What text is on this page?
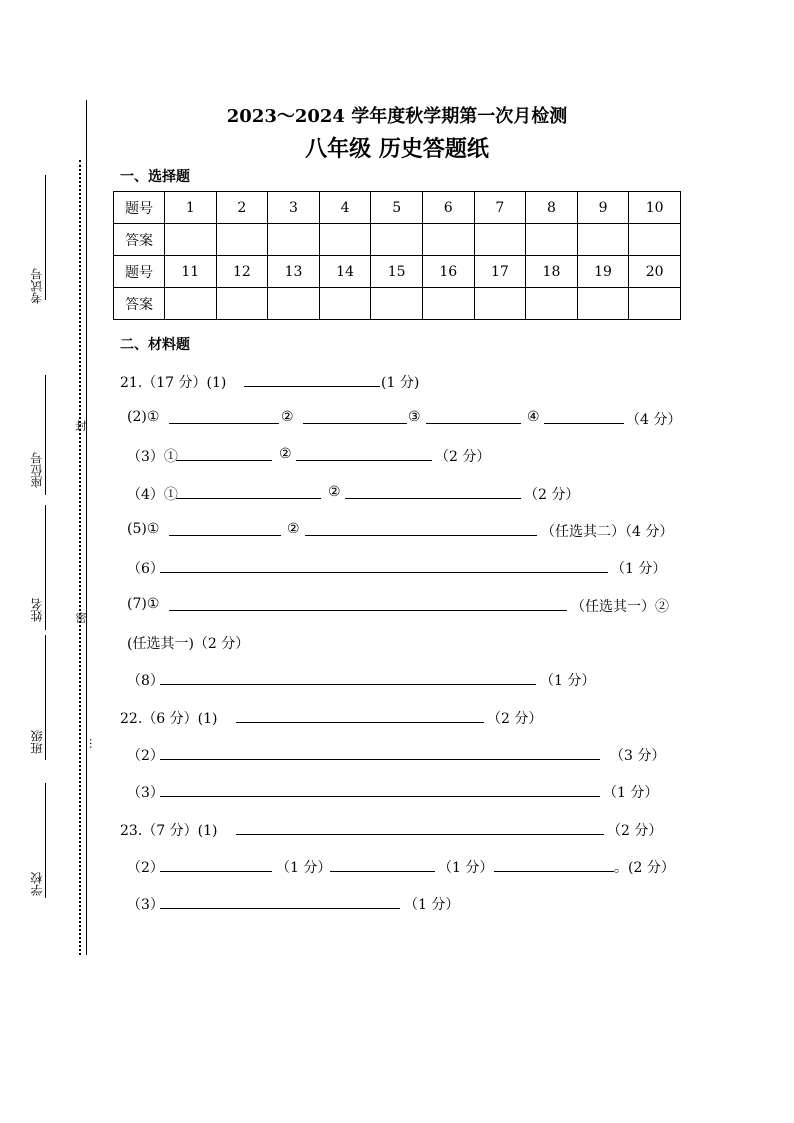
考试号
座位号
姓名
班级
学校
封
密
…
2023～2024 学年度秋学期第一次月检测
八年级 历史答题纸
一、选择题
题号	1	2	3	4	5	6	7	8	9	10
答案										
题号	11	12	13	14	15	16	17	18	19	20
答案										
二、材料题
21.（17 分）(1)	(1 分)
(2)①	②	③	④	（4 分）
（3）①	②	（2 分）
（4）①	②	（2 分）
(5)①	②	（任选其二）（4 分）
（6）	（1 分）
(7)①	（任选其一）②
(任选其一)（2 分）
（8）	（1 分）
22.（6 分）(1)	（2 分）
（2）	（3 分）
（3）	（1 分）
23.（7 分）(1)	（2 分）
（2）	（1 分）	（1 分）	。(2 分）
（3）	（1 分）
